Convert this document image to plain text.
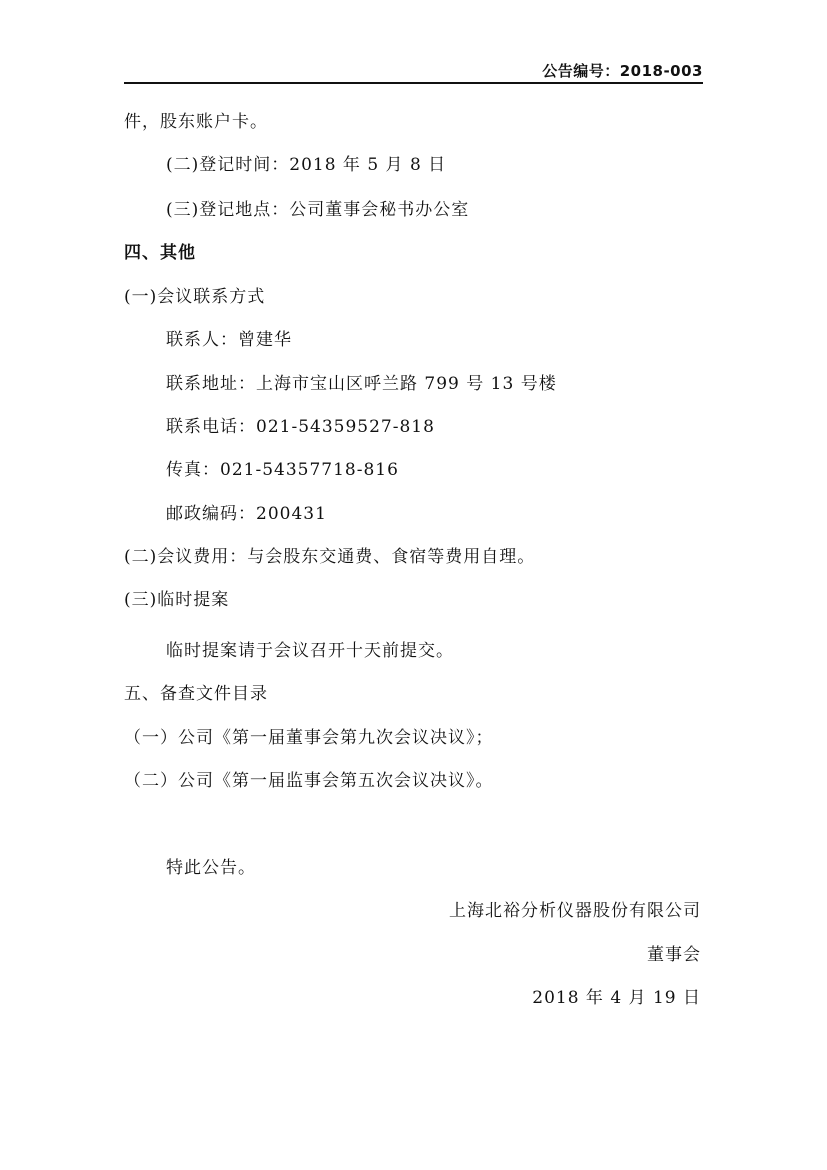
公告编号：2018-003
件，股东账户卡。
(二)登记时间：2018 年 5 月 8 日
(三)登记地点：公司董事会秘书办公室
四、其他
(一)会议联系方式
联系人：曾建华
联系地址：上海市宝山区呼兰路 799 号 13 号楼
联系电话：021-54359527-818
传真：021-54357718-816
邮政编码：200431
(二)会议费用：与会股东交通费、食宿等费用自理。
(三)临时提案
临时提案请于会议召开十天前提交。
五、备查文件目录
（一）公司《第一届董事会第九次会议决议》；
（二）公司《第一届监事会第五次会议决议》。
特此公告。
上海北裕分析仪器股份有限公司
董事会
2018 年 4 月 19 日
